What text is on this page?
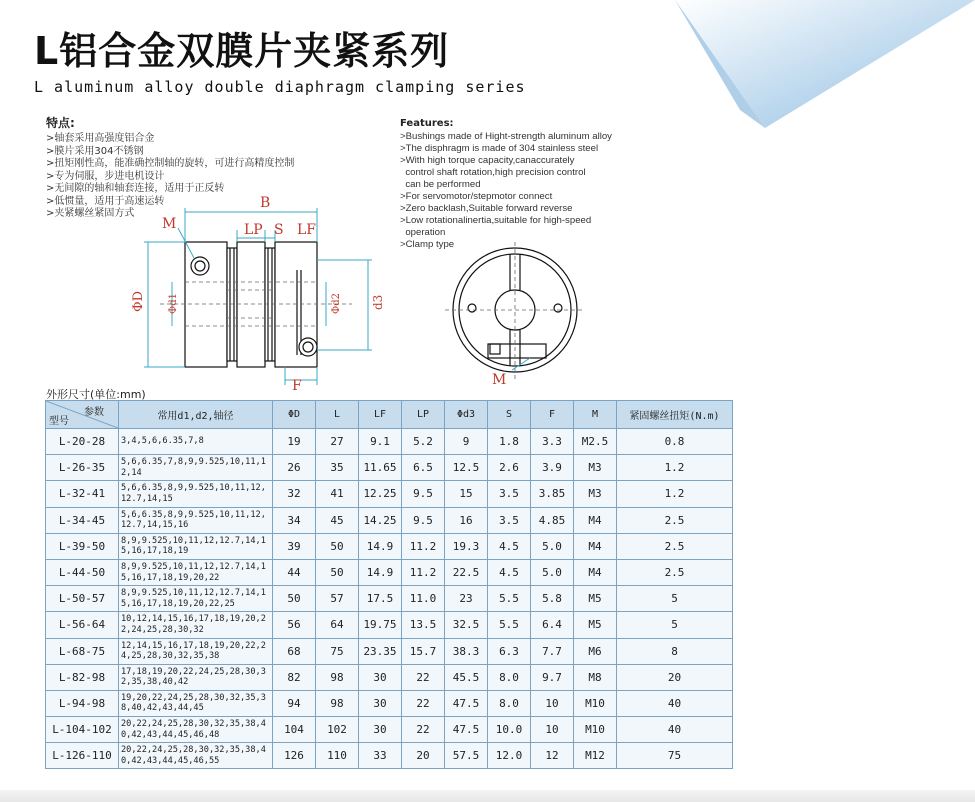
L铝合金双膜片夹紧系列
L aluminum alloy double diaphragm clamping series
特点:
>轴套采用高强度铝合金
>膜片采用304不锈钢
>扭矩刚性高，能准确控制轴的旋转，可进行高精度控制
>专为伺服，步进电机设计
>无间隙的轴和轴套连接，适用于正反转
>低惯量，适用于高速运转
>夹紧螺丝紧固方式
Features:
>Bushings made of Hight-strength aluminum alloy
>The disphragm is made of 304 stainless steel
>With high torque capacity,canaccurately
control shaft rotation,high precision control
can be performed
>For servomotor/stepmotor connect
>Zero backlash,Suitable forward reverse
>Low rotationalinertia,suitable for high-speed
operation
>Clamp type
B
LP S LF
M
F
ΦD Φd1	Φd2 d3
M
外形尺寸(单位:mm)
参数
型号	常用d1,d2,轴径	ΦD	L	LF	LP	Φd3	S	F	M	紧固螺丝扭矩(N.m)
L-20-28	3,4,5,6,6.35,7,8	19	27	9.1	5.2	9	1.8	3.3	M2.5	0.8
L-26-35	5,6,6.35,7,8,9,9.525,10,11,12,14	26	35	11.65	6.5	12.5	2.6	3.9	M3	1.2
L-32-41	5,6,6.35,8,9,9.525,10,11,12,12.7,14,15	32	41	12.25	9.5	15	3.5	3.85	M3	1.2
L-34-45	5,6,6.35,8,9,9.525,10,11,12,12.7,14,15,16	34	45	14.25	9.5	16	3.5	4.85	M4	2.5
L-39-50	8,9,9.525,10,11,12,12.7,14,15,16,17,18,19	39	50	14.9	11.2	19.3	4.5	5.0	M4	2.5
L-44-50	8,9,9.525,10,11,12,12.7,14,15,16,17,18,19,20,22	44	50	14.9	11.2	22.5	4.5	5.0	M4	2.5
L-50-57	8,9,9.525,10,11,12,12.7,14,15,16,17,18,19,20,22,25	50	57	17.5	11.0	23	5.5	5.8	M5	5
L-56-64	10,12,14,15,16,17,18,19,20,22,24,25,28,30,32	56	64	19.75	13.5	32.5	5.5	6.4	M5	5
L-68-75	12,14,15,16,17,18,19,20,22,24,25,28,30,32,35,38	68	75	23.35	15.7	38.3	6.3	7.7	M6	8
L-82-98	17,18,19,20,22,24,25,28,30,32,35,38,40,42	82	98	30	22	45.5	8.0	9.7	M8	20
L-94-98	19,20,22,24,25,28,30,32,35,38,40,42,43,44,45	94	98	30	22	47.5	8.0	10	M10	40
L-104-102	20,22,24,25,28,30,32,35,38,40,42,43,44,45,46,48	104	102	30	22	47.5	10.0	10	M10	40
L-126-110	20,22,24,25,28,30,32,35,38,40,42,43,44,45,46,55	126	110	33	20	57.5	12.0	12	M12	75
